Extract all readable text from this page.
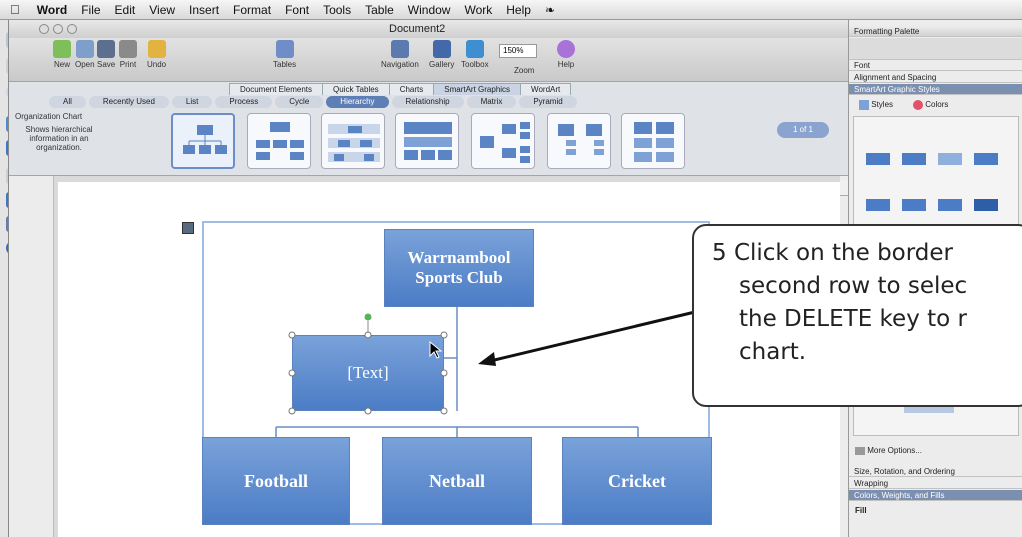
Word	File	Edit	View	Insert	Format	Font	Tools	Table	Window	Work	Help	❧
Document2
New Open Save Print Undo	Tables	Navigation Gallery Toolbox
150%
Zoom
Help
Document Elements	Quick Tables	Charts	SmartArt Graphics	WordArt
All	Recently Used	List	Process	Cycle	Hierarchy	Relationship	Matrix	Pyramid
Organization Chart
Shows hierarchical information in an organization.
1 of 1
Warrnambool Sports Club
[Text]
Football	Netball	Cricket
Formatting Palette
Font
Alignment and Spacing
SmartArt Graphic Styles
Styles	Colors
More Options...
Size, Rotation, and Ordering
Wrapping
Colors, Weights, and Fills
Fill
5 Click on the border
second row to selec
the DELETE key to r
chart.
